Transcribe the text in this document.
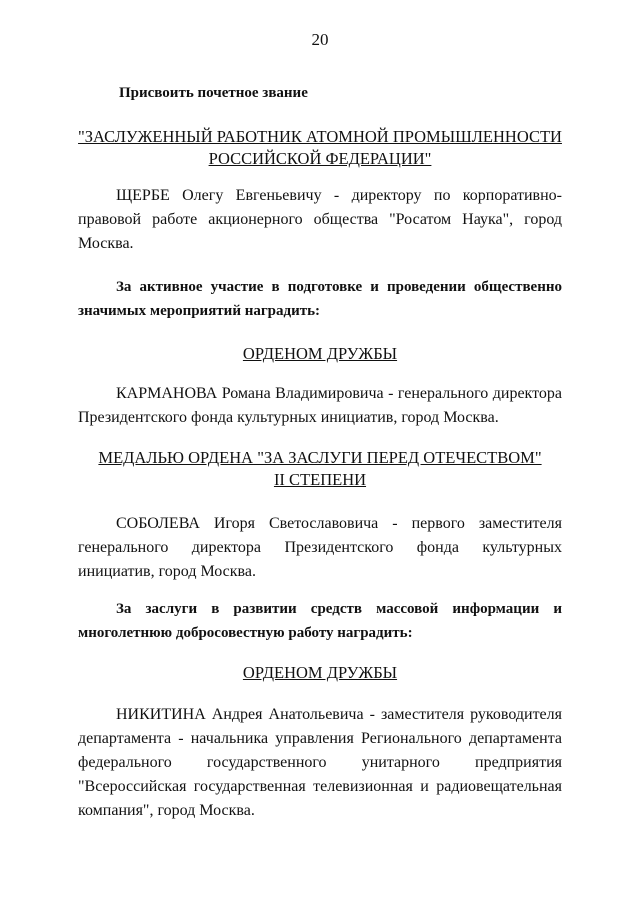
20
Присвоить почетное звание
"ЗАСЛУЖЕННЫЙ РАБОТНИК АТОМНОЙ ПРОМЫШЛЕННОСТИ
РОССИЙСКОЙ ФЕДЕРАЦИИ"
ЩЕРБЕ Олегу Евгеньевичу - директору по корпоративно-правовой работе акционерного общества "Росатом Наука", город Москва.
За активное участие в подготовке и проведении общественно значимых мероприятий наградить:
ОРДЕНОМ ДРУЖБЫ
КАРМАНОВА Романа Владимировича - генерального директора Президентского фонда культурных инициатив, город Москва.
МЕДАЛЬЮ ОРДЕНА "ЗА ЗАСЛУГИ ПЕРЕД ОТЕЧЕСТВОМ"
II СТЕПЕНИ
СОБОЛЕВА Игоря Светославовича - первого заместителя генерального директора Президентского фонда культурных инициатив, город Москва.
За заслуги в развитии средств массовой информации и многолетнюю добросовестную работу наградить:
ОРДЕНОМ ДРУЖБЫ
НИКИТИНА Андрея Анатольевича - заместителя руководителя департамента - начальника управления Регионального департамента федерального государственного унитарного предприятия "Всероссийская государственная телевизионная и радиовещательная компания", город Москва.
